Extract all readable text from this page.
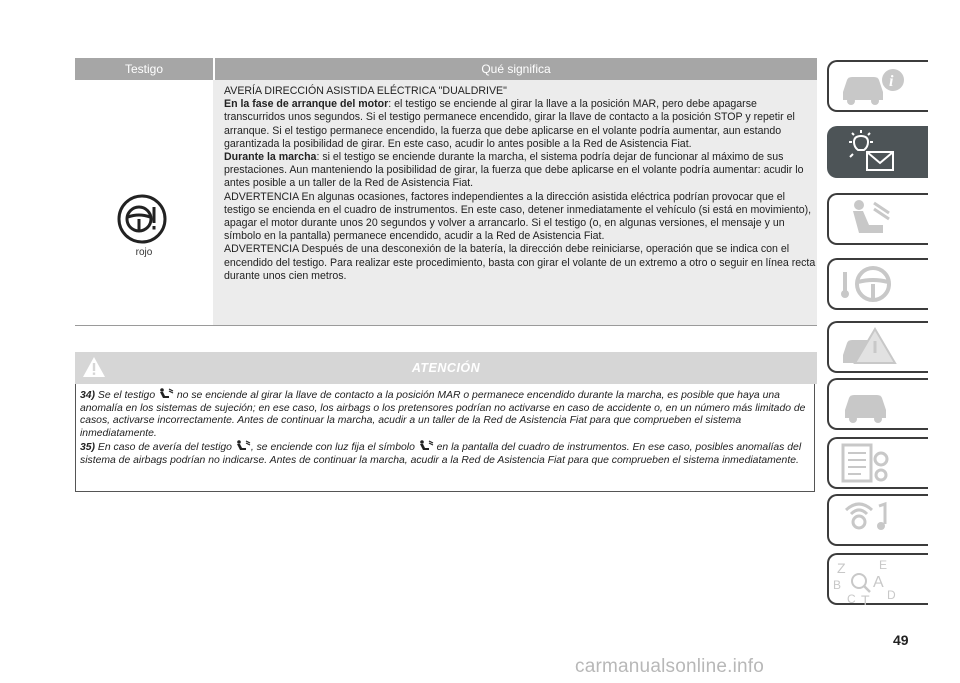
Testigo	Qué significa
rojo

AVERÍA DIRECCIÓN ASISTIDA ELÉCTRICA "DUALDRIVE"

En la fase de arranque del motor: el testigo se enciende al girar la llave a la posición MAR, pero debe apagarse transcurridos unos segundos. Si el testigo permanece encendido, girar la llave de contacto a la posición STOP y repetir el arranque. Si el testigo permanece encendido, la fuerza que debe aplicarse en el volante podría aumentar, aun estando garantizada la posibilidad de girar. En este caso, acudir lo antes posible a la Red de Asistencia Fiat.

Durante la marcha: si el testigo se enciende durante la marcha, el sistema podría dejar de funcionar al máximo de sus prestaciones. Aun manteniendo la posibilidad de girar, la fuerza que debe aplicarse en el volante podría aumentar: acudir lo antes posible a un taller de la Red de Asistencia Fiat.

ADVERTENCIA En algunas ocasiones, factores independientes a la dirección asistida eléctrica podrían provocar que el testigo se encienda en el cuadro de instrumentos. En este caso, detener inmediatamente el vehículo (si está en movimiento), apagar el motor durante unos 20 segundos y volver a arrancarlo. Si el testigo (o, en algunas versiones, el mensaje y un símbolo en la pantalla) permanece encendido, acudir a la Red de Asistencia Fiat.

ADVERTENCIA Después de una desconexión de la batería, la dirección debe reiniciarse, operación que se indica con el encendido del testigo. Para realizar este procedimiento, basta con girar el volante de un extremo a otro o seguir en línea recta durante unos cien metros.

ATENCIÓN

34) Se el testigo no se enciende al girar la llave de contacto a la posición MAR o permanece encendido durante la marcha, es posible que haya una anomalía en los sistemas de sujeción; en ese caso, los airbags o los pretensores podrían no activarse en caso de accidente o, en un número más limitado de casos, activarse incorrectamente. Antes de continuar la marcha, acudir a un taller de la Red de Asistencia Fiat para que comprueben el sistema inmediatamente.

35) En caso de avería del testigo , se enciende con luz fija el símbolo en la pantalla del cuadro de instrumentos. En ese caso, posibles anomalías del sistema de airbags podrían no indicarse. Antes de continuar la marcha, acudir a la Red de Asistencia Fiat para que comprueben el sistema inmediatamente.

i
Z	E
B A
C T D
49
carmanualsonline.info
